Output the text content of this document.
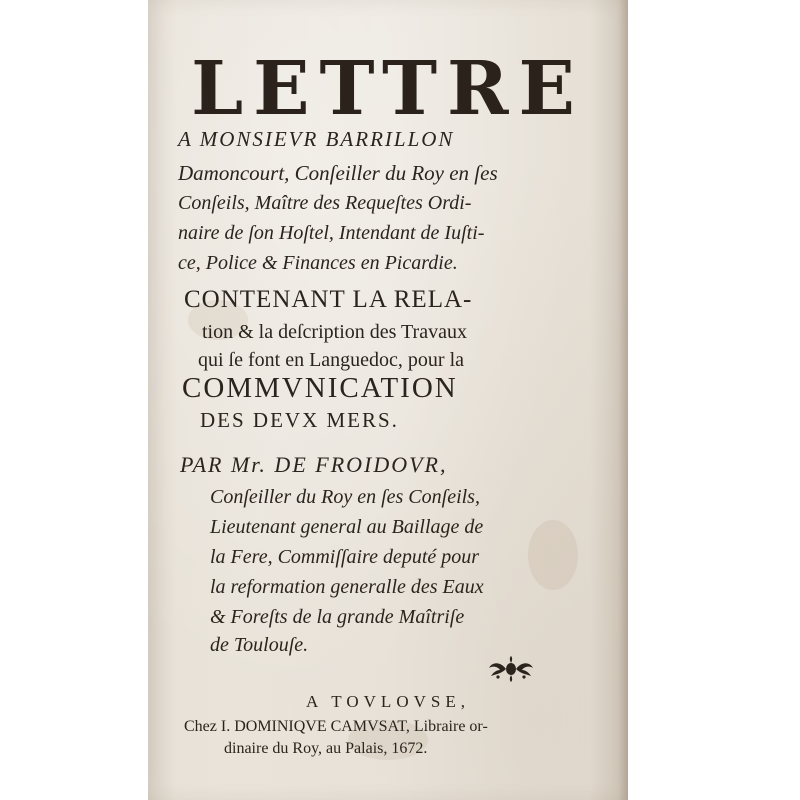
LETTRE
A MONSIEVR BARRILLON
Damoncourt, Conſeiller du Roy en ſes
Conſeils, Maître des Requeſtes Ordi-
naire de ſon Hoſtel, Intendant de Iuſti-
ce, Police & Finances en Picardie.
CONTENANT LA RELA-
tion & la deſcription des Travaux
qui ſe font en Languedoc, pour la
COMMVNICATION
DES DEVX MERS.
PAR Mr. DE FROIDOVR,
Conſeiller du Roy en ſes Conſeils,
Lieutenant general au Baillage de
la Fere, Commiſſaire deputé pour
la reformation generalle des Eaux
& Foreſts de la grande Maîtriſe
de Toulouſe.
A TOVLOVSE,
Chez I. DOMINIQVE CAMVSAT, Libraire or-
dinaire du Roy, au Palais, 1672.
